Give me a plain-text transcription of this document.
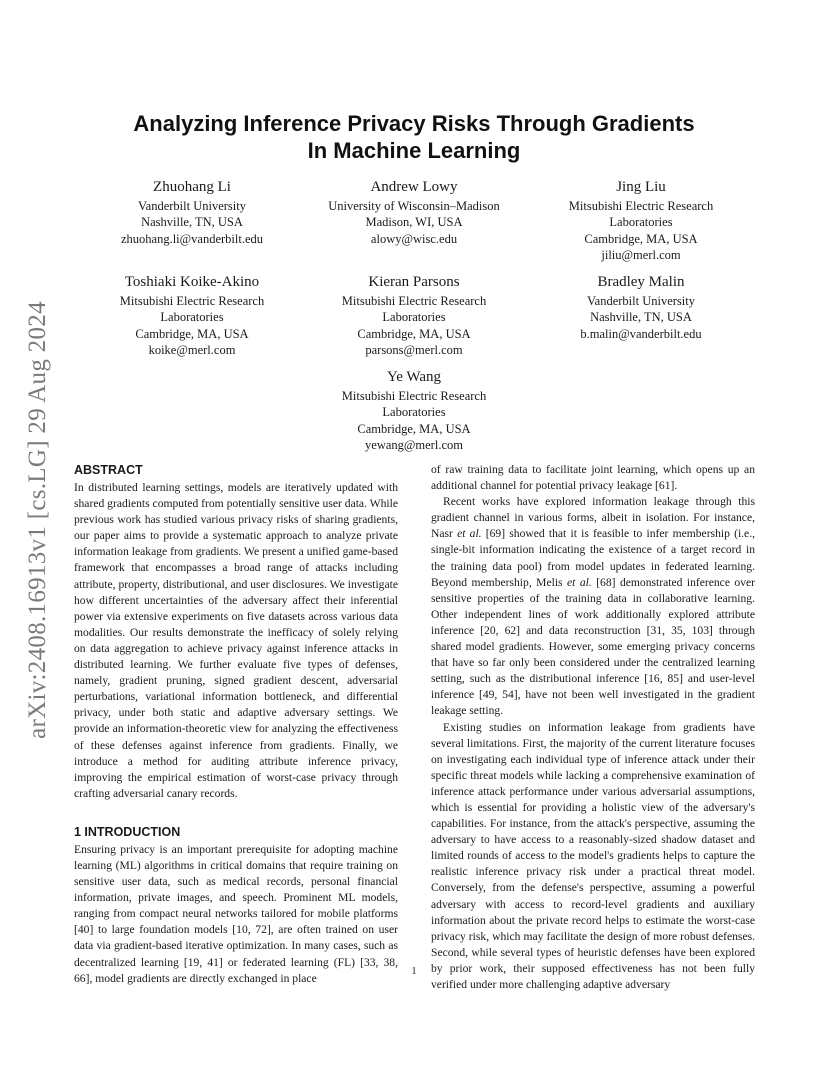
arXiv:2408.16913v1 [cs.LG] 29 Aug 2024
Analyzing Inference Privacy Risks Through Gradients
In Machine Learning
Zhuohang Li
Vanderbilt University
Nashville, TN, USA
zhuohang.li@vanderbilt.edu
Andrew Lowy
University of Wisconsin–Madison
Madison, WI, USA
alowy@wisc.edu
Jing Liu
Mitsubishi Electric Research
Laboratories
Cambridge, MA, USA
jiliu@merl.com
Toshiaki Koike-Akino
Mitsubishi Electric Research
Laboratories
Cambridge, MA, USA
koike@merl.com
Kieran Parsons
Mitsubishi Electric Research
Laboratories
Cambridge, MA, USA
parsons@merl.com
Bradley Malin
Vanderbilt University
Nashville, TN, USA
b.malin@vanderbilt.edu
Ye Wang
Mitsubishi Electric Research
Laboratories
Cambridge, MA, USA
yewang@merl.com
ABSTRACT

In distributed learning settings, models are iteratively updated with shared gradients computed from potentially sensitive user data. While previous work has studied various privacy risks of sharing gradients, our paper aims to provide a systematic approach to analyze private information leakage from gradients. We present a unified game-based framework that encompasses a broad range of attacks including attribute, property, distributional, and user disclosures. We investigate how different uncertainties of the adversary affect their inferential power via extensive experiments on five datasets across various data modalities. Our results demonstrate the inefficacy of solely relying on data aggregation to achieve privacy against inference attacks in distributed learning. We further evaluate five types of defenses, namely, gradient pruning, signed gradient descent, adversarial perturbations, variational information bottleneck, and differential privacy, under both static and adaptive adversary settings. We provide an information-theoretic view for analyzing the effectiveness of these defenses against inference from gradients. Finally, we introduce a method for auditing attribute inference privacy, improving the empirical estimation of worst-case privacy through crafting adversarial canary records.

1 INTRODUCTION

Ensuring privacy is an important prerequisite for adopting machine learning (ML) algorithms in critical domains that require training on sensitive user data, such as medical records, personal financial information, private images, and speech. Prominent ML models, ranging from compact neural networks tailored for mobile platforms [40] to large foundation models [10, 72], are often trained on user data via gradient-based iterative optimization. In many cases, such as decentralized learning [19, 41] or federated learning (FL) [33, 38, 66], model gradients are directly exchanged in place

of raw training data to facilitate joint learning, which opens up an additional channel for potential privacy leakage [61].

Recent works have explored information leakage through this gradient channel in various forms, albeit in isolation. For instance, Nasr et al. [69] showed that it is feasible to infer membership (i.e., single-bit information indicating the existence of a target record in the training data pool) from model updates in federated learning. Beyond membership, Melis et al. [68] demonstrated inference over sensitive properties of the training data in collaborative learning. Other independent lines of work additionally explored attribute inference [20, 62] and data reconstruction [31, 35, 103] through shared model gradients. However, some emerging privacy concerns that have so far only been considered under the centralized learning setting, such as the distributional inference [16, 85] and user-level inference [49, 54], have not been well investigated in the gradient leakage setting.

Existing studies on information leakage from gradients have several limitations. First, the majority of the current literature focuses on investigating each individual type of inference attack under their specific threat models while lacking a comprehensive examination of inference attack performance under various adversarial assumptions, which is essential for providing a holistic view of the adversary's capabilities. For instance, from the attack's perspective, assuming the adversary to have access to a reasonably-sized shadow dataset and limited rounds of access to the model's gradients helps to capture the realistic inference privacy risk under a practical threat model. Conversely, from the defense's perspective, assuming a powerful adversary with access to record-level gradients and auxiliary information about the private record helps to estimate the worst-case privacy risk, which may facilitate the design of more robust defenses. Second, while several types of heuristic defenses have been explored by prior work, their supposed effectiveness has not been fully verified under more challenging adaptive adversary

1
